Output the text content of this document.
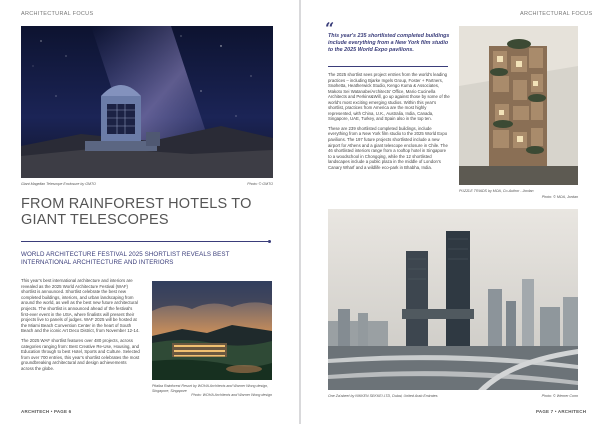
ARCHITECTURAL FOCUS
Giant Magellan Telescope Enclosure by GMTO	Photo: © GMTO
FROM RAINFOREST HOTELS TO GIANT TELESCOPES
WORLD ARCHITECTURE FESTIVAL 2025 SHORTLIST REVEALS BEST INTERNATIONAL ARCHITECTURE AND INTERIORS

This year's best international architecture and interiors are revealed as the 2025 World Architecture Festival (WAF) shortlist is announced. Shortlist celebrate the best new completed buildings, interiors, and urban landscaping from around the world, as well as the best new future architectural projects. The shortlist is announced ahead of the festival's first-ever event in the USA, where finalists will present their projects live to panels of judges. WAF 2025 will be hosted at the Miami Beach Convention Center in the heart of South Beach and the iconic Art Deco District, from November 12-14.

The 2025 WAF shortlist features over 480 projects, across categories ranging from: Best Creative Re-Use, Housing, and Education through to best Hotel, Sports and Culture. Selected from over 700 entries, this year's shortlist celebrates the most groundbreaking architectural and design achievements across the globe.

Pitaiba Rainforest Resort by WOHA Architects and Warner Wong design, Singapore, Singapore
Photo: WOHA Architects and Warner Wong design
ARCHITECH • PAGE 6
ARCHITECTURAL FOCUS
“
This year's 235 shortlisted completed buildings include everything from a New York film studio to the 2025 World Expo pavilions.

The 2025 shortlist sees project entries from the world's leading practices – including Bjarke Ingels Group, Foster + Partners, Snøhetta, Heatherwick Studio, Kengo Kuma & Associates, Makoto Sei Watanabe/Architects' Office, Mario Cucinella Architects and Perkins&Will, go up against those by some of the world's most exciting emerging studios. Within this year's shortlist, practices from America are the most highly represented, with China, U.K., Australia, India, Canada, Singapore, UAE, Turkey, and Spain also in the top ten.

These are 239 shortlisted completed buildings, include everything from a New York film studio to the 2025 World Expo pavilions. The 197 future projects shortlisted include a new airport for Athens and a giant telescope enclosure in Chile. The 46 shortlisted interiors range from a rooftop hotel in Singapore to a woodschool in Chongqing, while the 12 shortlisted landscapes include a public plaza in the middle of London's Canary Wharf and a wildlife eco-park in Bhabha, India.

PUZZLE TRIADS by MOA, Co-Author - Jordan
Photo: © MOA, Jordan
One Za'abeel by NIKKEN SEKKEI LTD, Dubai, United Arab Emirates	Photo: © Werner Conn
PAGE 7 • ARCHITECH
